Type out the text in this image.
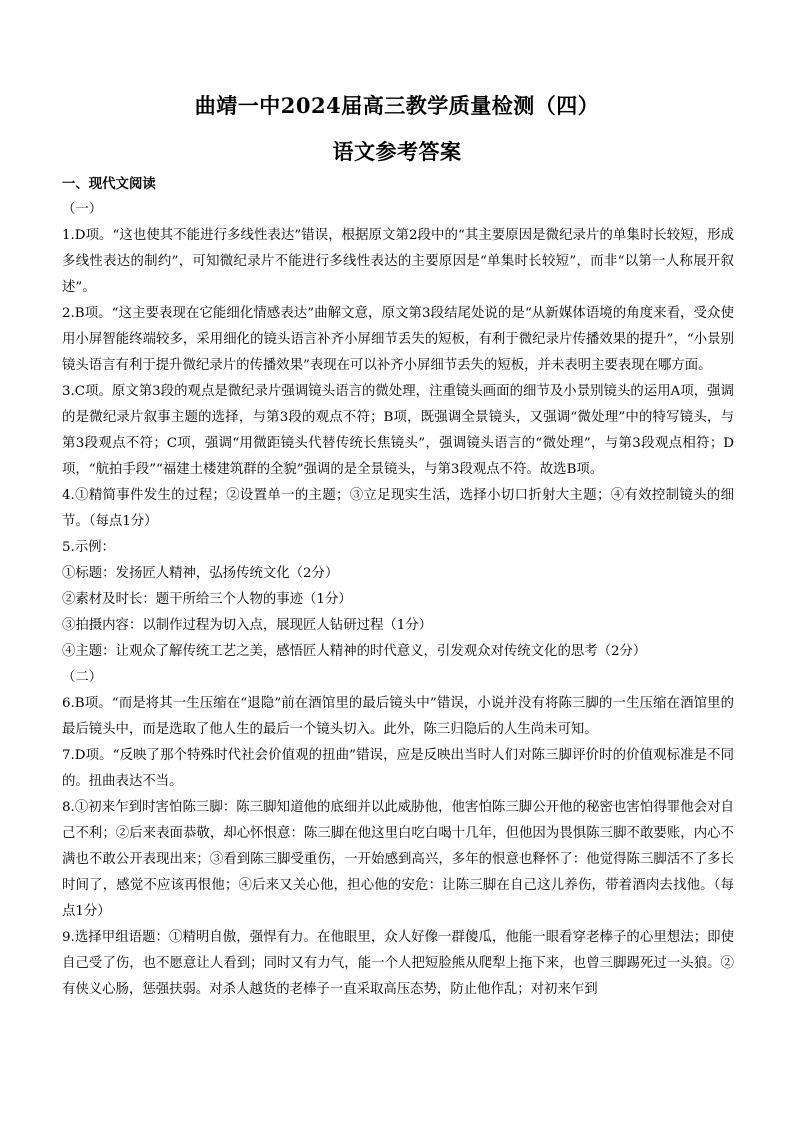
曲靖一中2024届高三教学质量检测（四）
语文参考答案

一、现代文阅读

（一）

1.D项。“这也使其不能进行多线性表达”错误，根据原文第2段中的“其主要原因是微纪录片的单集时长较短，形成多线性表达的制约”，可知微纪录片不能进行多线性表达的主要原因是“单集时长较短”，而非“以第一人称展开叙述”。

2.B项。“这主要表现在它能细化情感表达”曲解文意，原文第3段结尾处说的是“从新媒体语境的角度来看，受众使用小屏智能终端较多，采用细化的镜头语言补齐小屏细节丢失的短板，有利于微纪录片传播效果的提升”，“小景别镜头语言有利于提升微纪录片的传播效果”表现在可以补齐小屏细节丢失的短板，并未表明主要表现在哪方面。

3.C项。原文第3段的观点是微纪录片强调镜头语言的微处理，注重镜头画面的细节及小景别镜头的运用A项，强调的是微纪录片叙事主题的选择，与第3段的观点不符；B项，既强调全景镜头，又强调“微处理”中的特写镜头，与第3段观点不符；C项，强调“用微距镜头代替传统长焦镜头”，强调镜头语言的“微处理”，与第3段观点相符；D项，“航拍手段”“福建土楼建筑群的全貌”强调的是全景镜头，与第3段观点不符。故选B项。

4.①精简事件发生的过程；②设置单一的主题；③立足现实生活，选择小切口折射大主题；④有效控制镜头的细节。（每点1分）

5.示例：

①标题：发扬匠人精神，弘扬传统文化（2分）

②素材及时长：题干所给三个人物的事迹（1分）

③拍摄内容：以制作过程为切入点，展现匠人钻研过程（1分）

④主题：让观众了解传统工艺之美，感悟匠人精神的时代意义，引发观众对传统文化的思考（2分）

（二）

6.B项。“而是将其一生压缩在“退隐”前在酒馆里的最后镜头中”错误，小说并没有将陈三脚的一生压缩在酒馆里的最后镜头中，而是选取了他人生的最后一个镜头切入。此外，陈三归隐后的人生尚未可知。

7.D项。“反映了那个特殊时代社会价值观的扭曲”错误，应是反映出当时人们对陈三脚评价时的价值观标准是不同的。扭曲表达不当。

8.①初来乍到时害怕陈三脚：陈三脚知道他的底细并以此威胁他，他害怕陈三脚公开他的秘密也害怕得罪他会对自己不利；②后来表面恭敬，却心怀恨意：陈三脚在他这里白吃白喝十几年，但他因为畏惧陈三脚不敢要账，内心不满也不敢公开表现出来；③看到陈三脚受重伤，一开始感到高兴，多年的恨意也释怀了：他觉得陈三脚活不了多长时间了，感觉不应该再恨他；④后来又关心他，担心他的安危：让陈三脚在自己这儿养伤，带着酒肉去找他。（每点1分）

9.选择甲组语题：①精明自傲，强悍有力。在他眼里，众人好像一群傻瓜，他能一眼看穿老棒子的心里想法；即使自己受了伤，也不愿意让人看到；同时又有力气，能一个人把短脸熊从爬犁上拖下来，也曾三脚踢死过一头狼。②有侠义心肠，惩强扶弱。对杀人越货的老棒子一直采取高压态势，防止他作乱；对初来乍到
